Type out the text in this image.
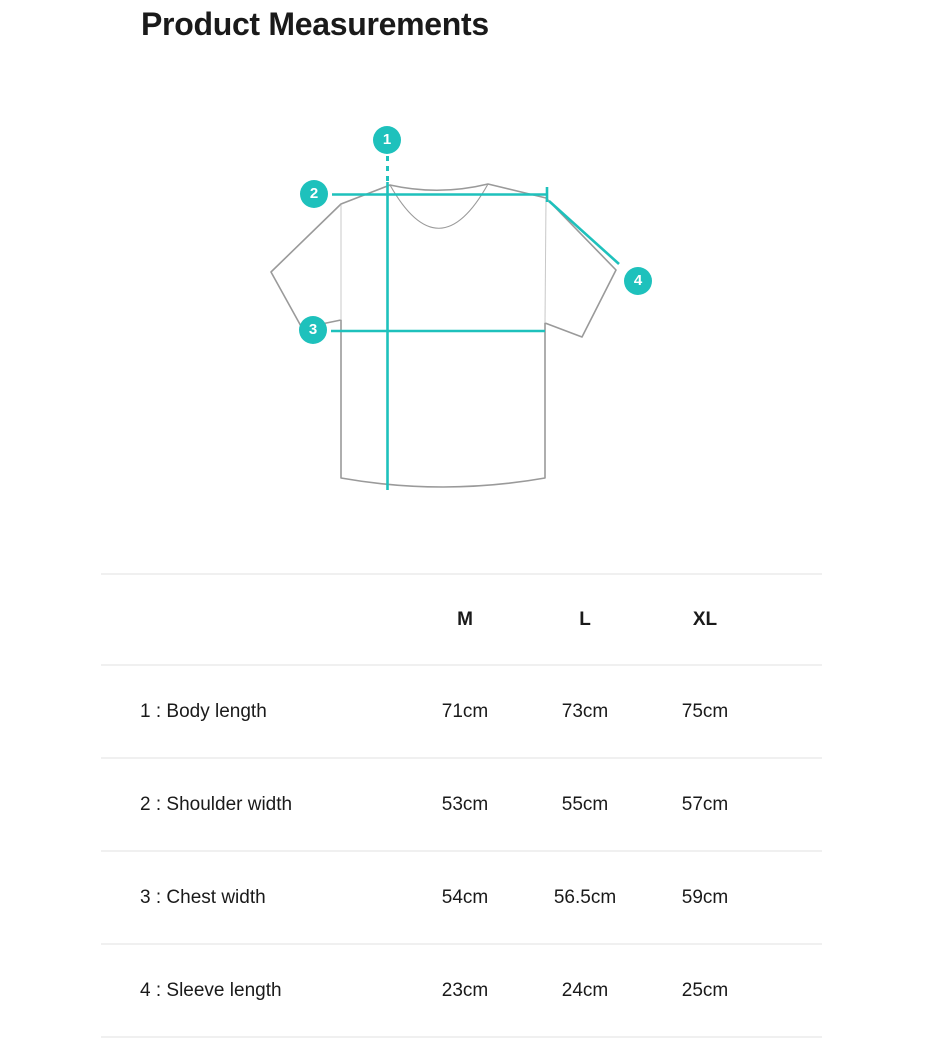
Product Measurements
1
2
3
4
	M	L	XL	
1 : Body length	71cm	73cm	75cm	
2 : Shoulder width	53cm	55cm	57cm	
3 : Chest width	54cm	56.5cm	59cm	
4 : Sleeve length	23cm	24cm	25cm	
